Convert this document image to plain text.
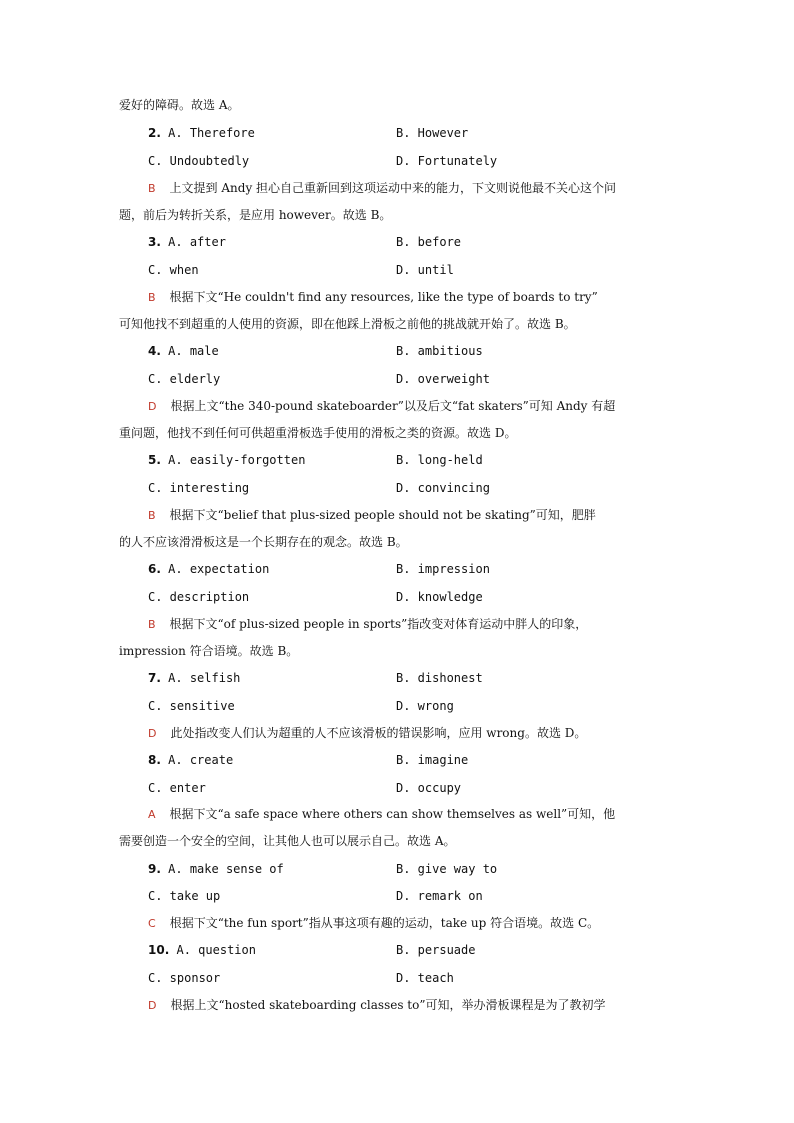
爱好的障碍。故选 A。
2. A. Therefore	B. However
C. Undoubtedly	D. Fortunately
B 上文提到 Andy 担心自己重新回到这项运动中来的能力，下文则说他最不关心这个问
题，前后为转折关系，是应用 however。故选 B。
3. A. after	B. before
C. when	D. until
B 根据下文“He couldn't find any resources, like the type of boards to try”
可知他找不到超重的人使用的资源，即在他踩上滑板之前他的挑战就开始了。故选 B。
4. A. male	B. ambitious
C. elderly	D. overweight
D 根据上文“the 340-pound skateboarder”以及后文“fat skaters”可知 Andy 有超
重问题，他找不到任何可供超重滑板选手使用的滑板之类的资源。故选 D。
5. A. easily-forgotten	B. long-held
C. interesting	D. convincing
B 根据下文“belief that plus-sized people should not be skating”可知，肥胖
的人不应该滑滑板这是一个长期存在的观念。故选 B。
6. A. expectation	B. impression
C. description	D. knowledge
B 根据下文“of plus-sized people in sports”指改变对体育运动中胖人的印象，
impression 符合语境。故选 B。
7. A. selfish	B. dishonest
C. sensitive	D. wrong
D 此处指改变人们认为超重的人不应该滑板的错误影响，应用 wrong。故选 D。
8. A. create	B. imagine
C. enter	D. occupy
A 根据下文“a safe space where others can show themselves as well”可知，他
需要创造一个安全的空间，让其他人也可以展示自己。故选 A。
9. A. make sense of	B. give way to
C. take up	D. remark on
C 根据下文“the fun sport”指从事这项有趣的运动，take up 符合语境。故选 C。
10. A. question	B. persuade
C. sponsor	D. teach
D 根据上文“hosted skateboarding classes to”可知，举办滑板课程是为了教初学
